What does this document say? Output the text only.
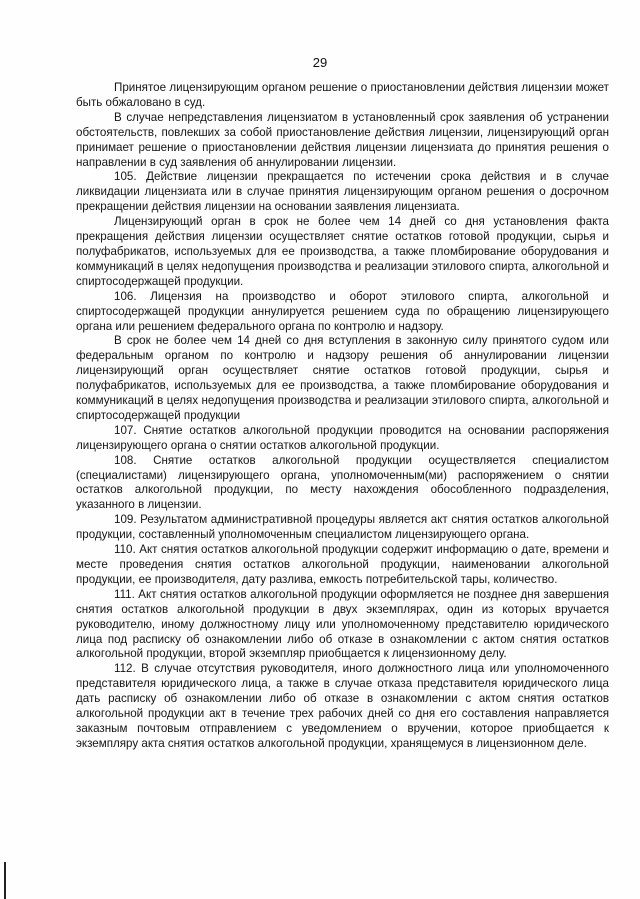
29

Принятое лицензирующим органом решение о приостановлении действия лицензии может быть обжаловано в суд.

В случае непредставления лицензиатом в установленный срок заявления об устранении обстоятельств, повлекших за собой приостановление действия лицензии, лицензирующий орган принимает решение о приостановлении действия лицензии лицензиата до принятия решения о направлении в суд заявления об аннулировании лицензии.

105. Действие лицензии прекращается по истечении срока действия и в случае ликвидации лицензиата или в случае принятия лицензирующим органом решения о досрочном прекращении действия лицензии на основании заявления лицензиата.

Лицензирующий орган в срок не более чем 14 дней со дня установления факта прекращения действия лицензии осуществляет снятие остатков готовой продукции, сырья и полуфабрикатов, используемых для ее производства, а также пломбирование оборудования и коммуникаций в целях недопущения производства и реализации этилового спирта, алкогольной и спиртосодержащей продукции.

106. Лицензия на производство и оборот этилового спирта, алкогольной и спиртосодержащей продукции аннулируется решением суда по обращению лицензирующего органа или решением федерального органа по контролю и надзору.

В срок не более чем 14 дней со дня вступления в законную силу принятого судом или федеральным органом по контролю и надзору решения об аннулировании лицензии лицензирующий орган осуществляет снятие остатков готовой продукции, сырья и полуфабрикатов, используемых для ее производства, а также пломбирование оборудования и коммуникаций в целях недопущения производства и реализации этилового спирта, алкогольной и спиртосодержащей продукции

107. Снятие остатков алкогольной продукции проводится на основании распоряжения лицензирующего органа о снятии остатков алкогольной продукции.

108. Снятие остатков алкогольной продукции осуществляется специалистом (специалистами) лицензирующего органа, уполномоченным(ми) распоряжением о снятии остатков алкогольной продукции, по месту нахождения обособленного подразделения, указанного в лицензии.

109. Результатом административной процедуры является акт снятия остатков алкогольной продукции, составленный уполномоченным специалистом лицензирующего органа.

110. Акт снятия остатков алкогольной продукции содержит информацию о дате, времени и месте проведения снятия остатков алкогольной продукции, наименовании алкогольной продукции, ее производителя, дату разлива, емкость потребительской тары, количество.

111. Акт снятия остатков алкогольной продукции оформляется не позднее дня завершения снятия остатков алкогольной продукции в двух экземплярах, один из которых вручается руководителю, иному должностному лицу или уполномоченному представителю юридического лица под расписку об ознакомлении либо об отказе в ознакомлении с актом снятия остатков алкогольной продукции, второй экземпляр приобщается к лицензионному делу.

112. В случае отсутствия руководителя, иного должностного лица или уполномоченного представителя юридического лица, а также в случае отказа представителя юридического лица дать расписку об ознакомлении либо об отказе в ознакомлении с актом снятия остатков алкогольной продукции акт в течение трех рабочих дней со дня его составления направляется заказным почтовым отправлением с уведомлением о вручении, которое приобщается к экземпляру акта снятия остатков алкогольной продукции, хранящемуся в лицензионном деле.
